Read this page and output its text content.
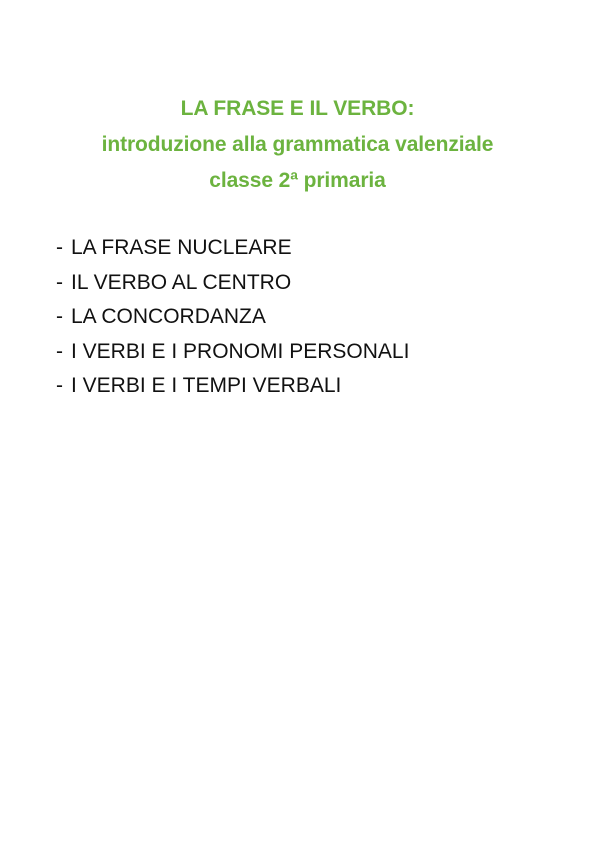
LA FRASE E IL VERBO:
introduzione alla grammatica valenziale
classe 2ª primaria
- LA FRASE NUCLEARE
- IL VERBO AL CENTRO
- LA CONCORDANZA
- I VERBI E I PRONOMI PERSONALI
- I VERBI E I TEMPI VERBALI
